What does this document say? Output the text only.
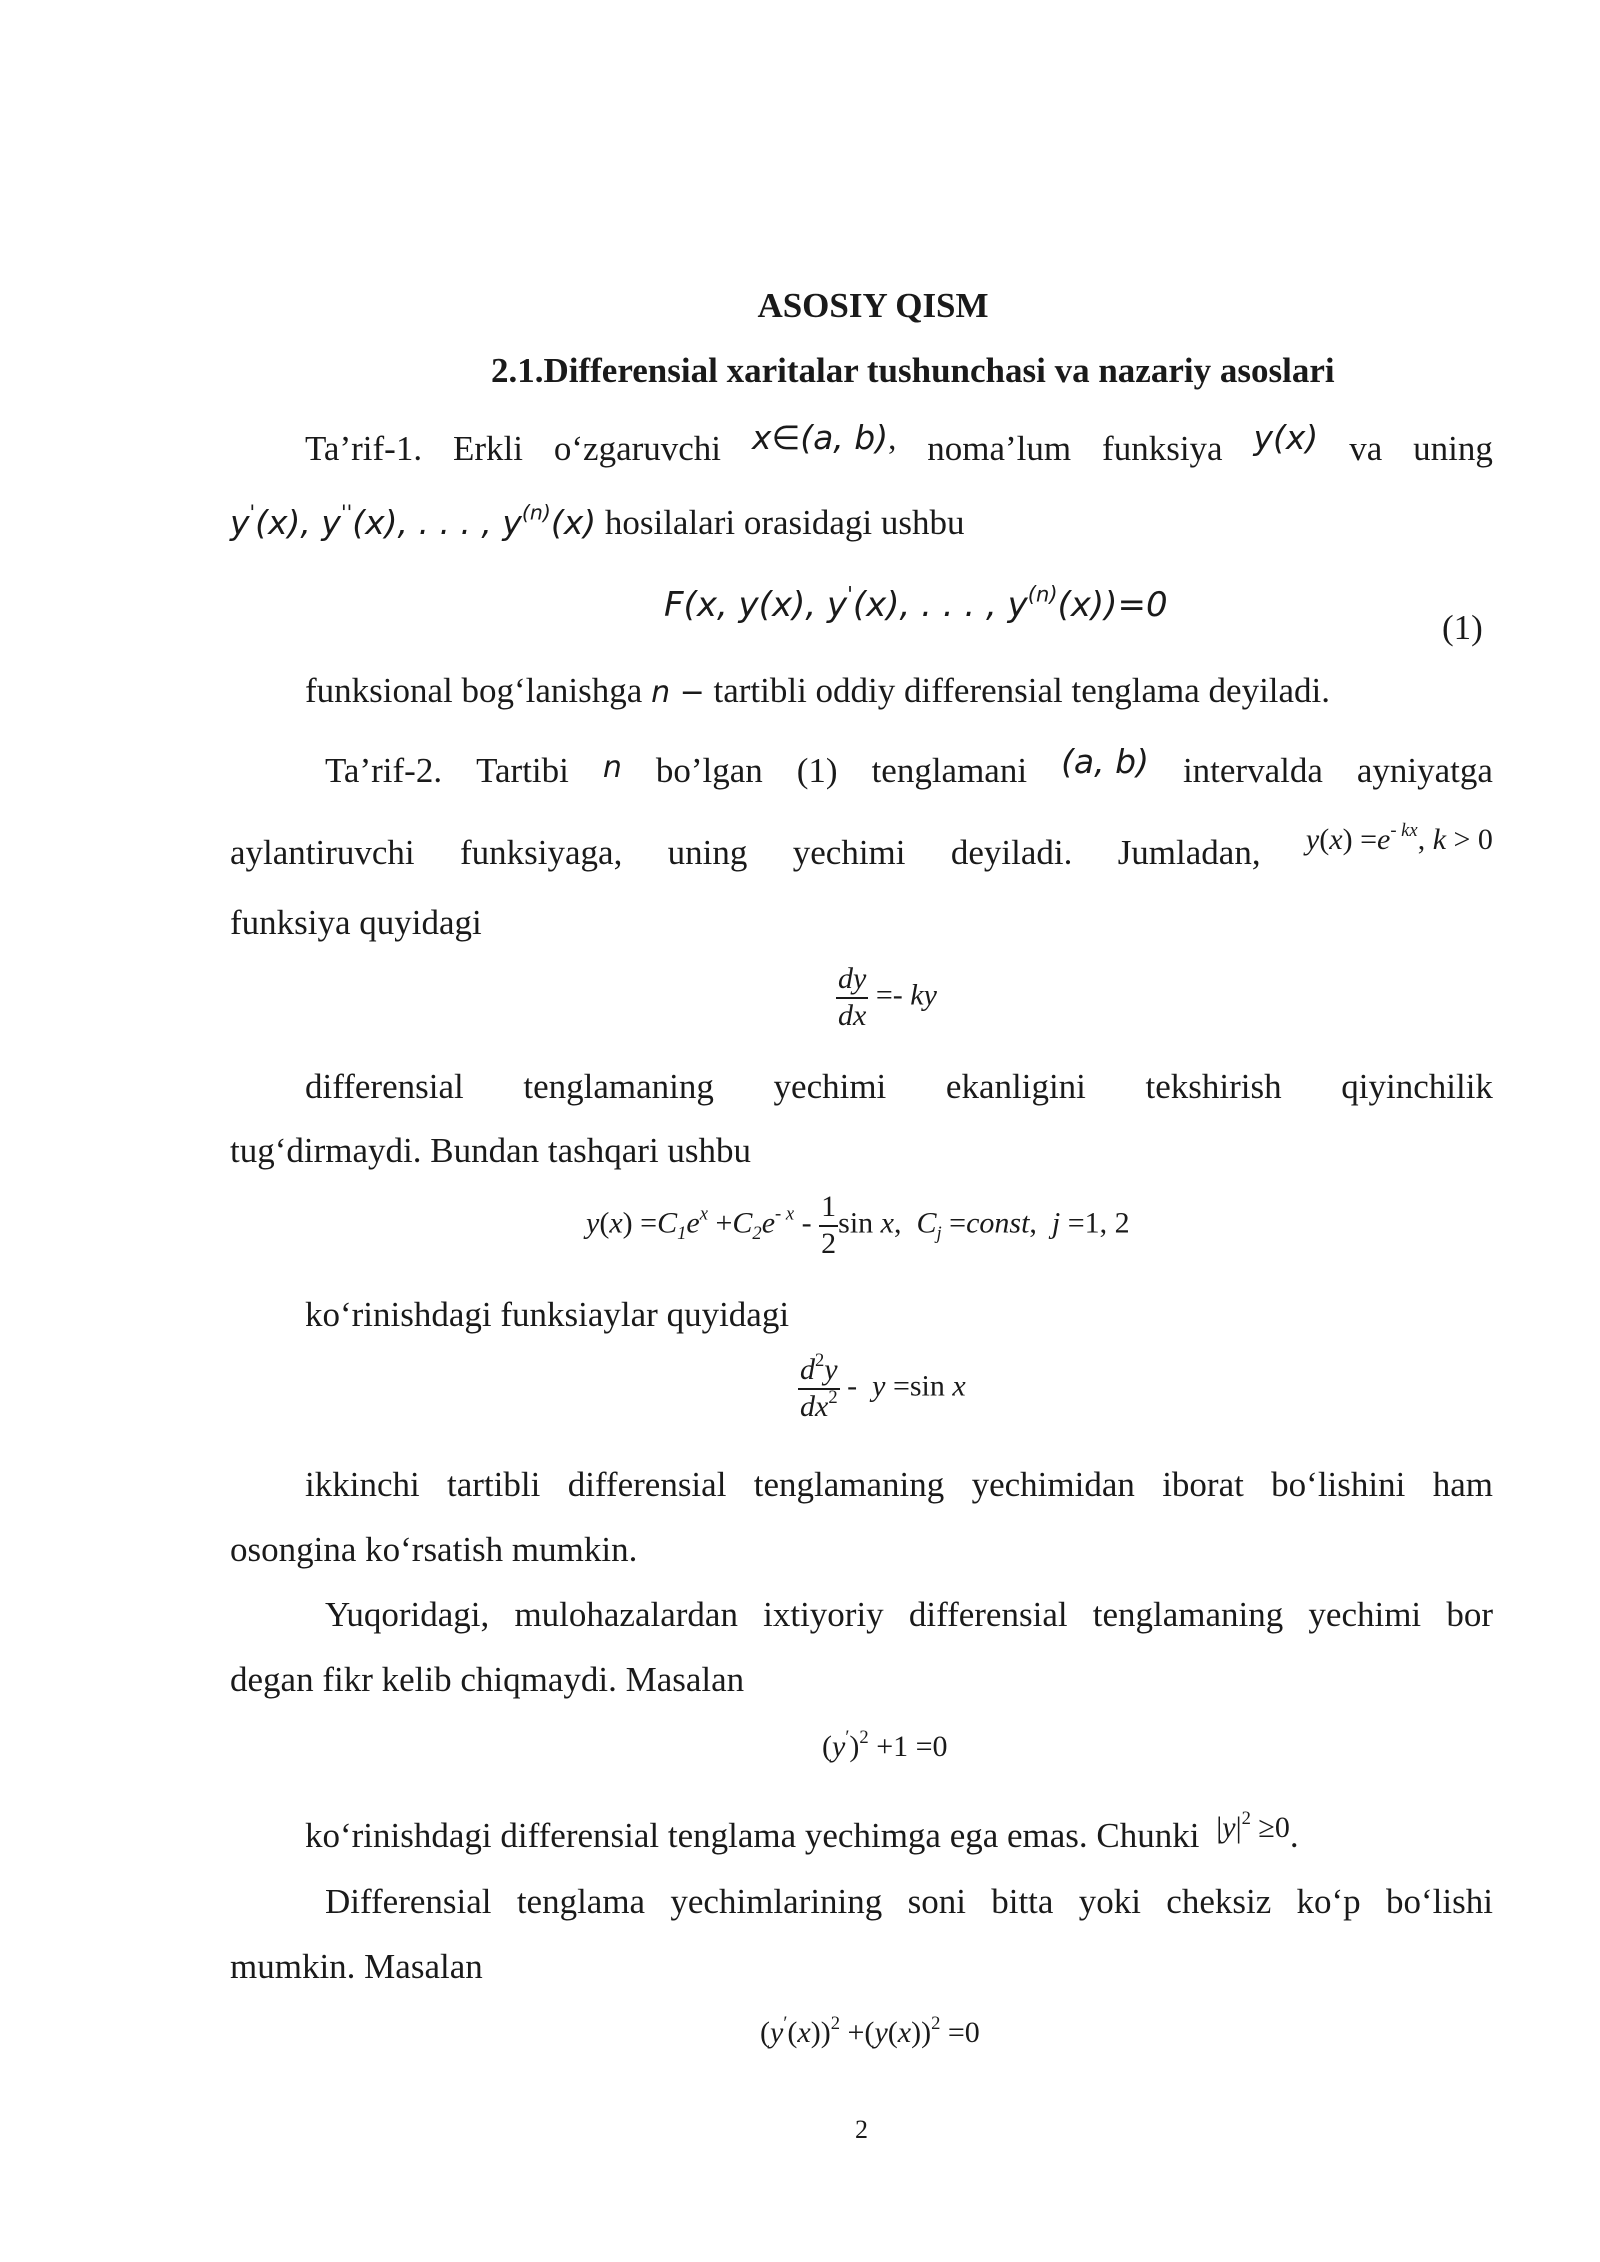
ASOSIY QISM
2.1.Differensial xaritalar tushunchasi va nazariy asoslari
Ta’rif-1. Erkli o‘zgaruvchi x∈(a, b), noma’lum funksiya y(x) va uning
y'(x), y''(x), . . . , $y^{(n)}(x)$ hosilalari orasidagi ushbu
F(x, y(x), y'(x), . . . , $y^{(n)}(x))=0$
(1)
funksional bog‘lanishga n − tartibli oddiy differensial tenglama deyiladi.
Ta’rif-2. Tartibi n bo’lgan (1) tenglamani (a, b) intervalda ayniyatga
aylantiruvchi funksiyaga, uning yechimi deyiladi. Jumladan, $y(x) =e^{- kx}$, k > 0
funksiya quyidagi
$\frac{dy}{dx}$ =- ky
differensial tenglamaning yechimi ekanligini tekshirish qiyinchilik
tug‘dirmaydi. Bundan tashqari ushbu
$y(x) =C_1e^x +C_2e^{- x} - \frac{1}{2}$ sin x,  $C_j$ =const,  j =1, 2
ko‘rinishdagi funksiaylar quyidagi
$\frac{d^2y}{dx^2} - y =\sin$ x
ikkinchi tartibli differensial tenglamaning yechimidan iborat bo‘lishini ham
osongina ko‘rsatish mumkin.
Yuqoridagi, mulohazalardan ixtiyoriy differensial tenglamaning yechimi bor
degan fikr kelib chiqmaydi. Masalan
$(y')^2 +1 =0$
ko‘rinishdagi differensial tenglama yechimga ega emas. Chunki $|y|^2 \ge 0$.
Differensial tenglama yechimlarining soni bitta yoki cheksiz ko‘p bo‘lishi
mumkin. Masalan
$(y'(x))^2 +(y(x))^2 =0$
2
